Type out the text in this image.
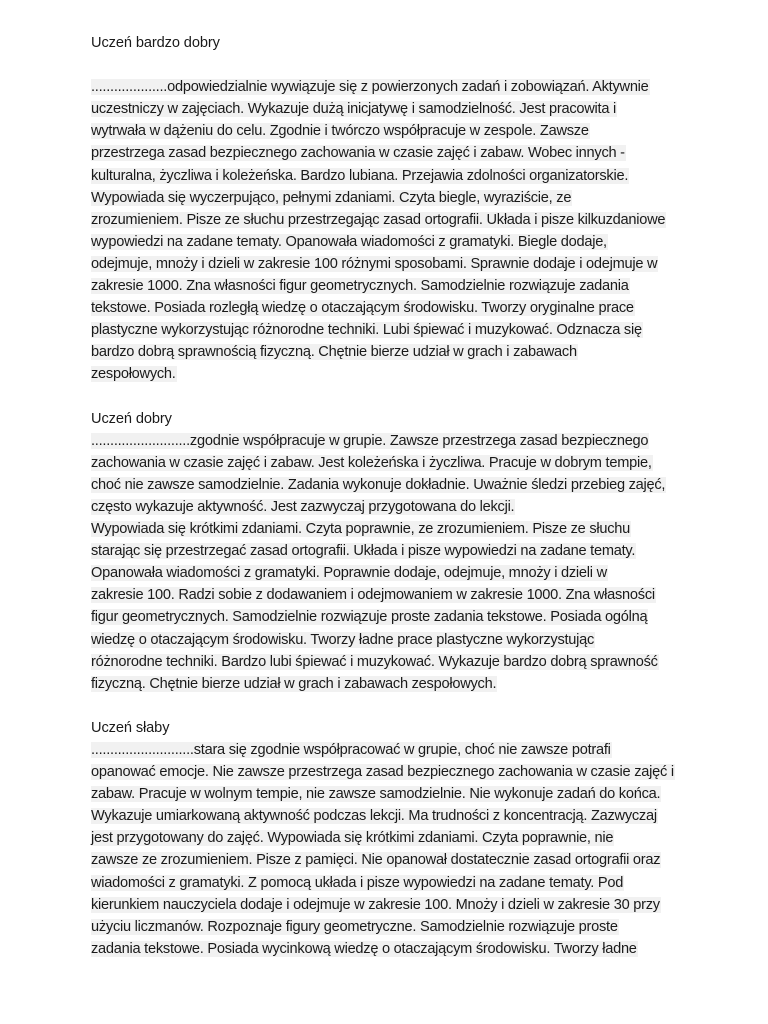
Uczeń bardzo dobry
....................odpowiedzialnie wywiązuje się z powierzonych zadań i zobowiązań. Aktywnie
uczestniczy w zajęciach. Wykazuje dużą inicjatywę i samodzielność. Jest pracowita i
wytrwała w dążeniu do celu. Zgodnie i twórczo współpracuje w zespole. Zawsze
przestrzega zasad bezpiecznego zachowania w czasie zajęć i zabaw. Wobec innych -
kulturalna, życzliwa i koleżeńska. Bardzo lubiana. Przejawia zdolności organizatorskie.
Wypowiada się wyczerpująco, pełnymi zdaniami. Czyta biegle, wyraziście, ze
zrozumieniem. Pisze ze słuchu przestrzegając zasad ortografii. Układa i pisze kilkuzdaniowe
wypowiedzi na zadane tematy. Opanowała wiadomości z gramatyki. Biegle dodaje,
odejmuje, mnoży i dzieli w zakresie 100 różnymi sposobami. Sprawnie dodaje i odejmuje w
zakresie 1000. Zna własności figur geometrycznych. Samodzielnie rozwiązuje zadania
tekstowe. Posiada rozległą wiedzę o otaczającym środowisku. Tworzy oryginalne prace
plastyczne wykorzystując różnorodne techniki. Lubi śpiewać i muzykować. Odznacza się
bardzo dobrą sprawnością fizyczną. Chętnie bierze udział w grach i zabawach
zespołowych.
Uczeń dobry
..........................zgodnie współpracuje w grupie. Zawsze przestrzega zasad bezpiecznego
zachowania w czasie zajęć i zabaw. Jest koleżeńska i życzliwa. Pracuje w dobrym tempie,
choć nie zawsze samodzielnie. Zadania wykonuje dokładnie. Uważnie śledzi przebieg zajęć,
często wykazuje aktywność. Jest zazwyczaj przygotowana do lekcji.
Wypowiada się krótkimi zdaniami. Czyta poprawnie, ze zrozumieniem. Pisze ze słuchu
starając się przestrzegać zasad ortografii. Układa i pisze wypowiedzi na zadane tematy.
Opanowała wiadomości z gramatyki. Poprawnie dodaje, odejmuje, mnoży i dzieli w
zakresie 100. Radzi sobie z dodawaniem i odejmowaniem w zakresie 1000. Zna własności
figur geometrycznych. Samodzielnie rozwiązuje proste zadania tekstowe. Posiada ogólną
wiedzę o otaczającym środowisku. Tworzy ładne prace plastyczne wykorzystując
różnorodne techniki. Bardzo lubi śpiewać i muzykować. Wykazuje bardzo dobrą sprawność
fizyczną. Chętnie bierze udział w grach i zabawach zespołowych.
Uczeń słaby
...........................stara się zgodnie współpracować w grupie, choć nie zawsze potrafi
opanować emocje. Nie zawsze przestrzega zasad bezpiecznego zachowania w czasie zajęć i
zabaw. Pracuje w wolnym tempie, nie zawsze samodzielnie. Nie wykonuje zadań do końca.
Wykazuje umiarkowaną aktywność podczas lekcji. Ma trudności z koncentracją. Zazwyczaj
jest przygotowany do zajęć. Wypowiada się krótkimi zdaniami. Czyta poprawnie, nie
zawsze ze zrozumieniem. Pisze z pamięci. Nie opanował dostatecznie zasad ortografii oraz
wiadomości z gramatyki. Z pomocą układa i pisze wypowiedzi na zadane tematy. Pod
kierunkiem nauczyciela dodaje i odejmuje w zakresie 100. Mnoży i dzieli w zakresie 30 przy
użyciu liczmanów. Rozpoznaje figury geometryczne. Samodzielnie rozwiązuje proste
zadania tekstowe. Posiada wycinkową wiedzę o otaczającym środowisku. Tworzy ładne
